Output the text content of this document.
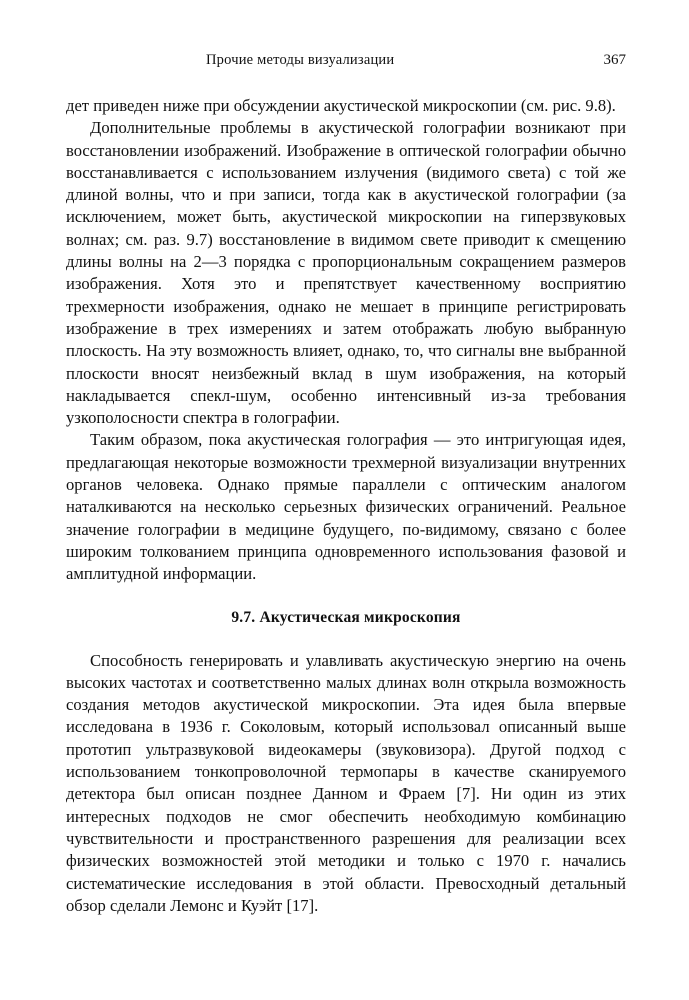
Прочие методы визуализации	367

дет приведен ниже при обсуждении акустической микроскопии (см. рис. 9.8).

Дополнительные проблемы в акустической голографии возникают при восстановлении изображений. Изображение в оптической голографии обычно восстанавливается с использованием излучения (видимого света) с той же длиной волны, что и при записи, тогда как в акустической голографии (за исключением, может быть, акустической микроскопии на гиперзвуковых волнах; см. раз. 9.7) восстановление в видимом свете приводит к смещению длины волны на 2—3 порядка с пропорциональным сокращением размеров изображения. Хотя это и препятствует качественному восприятию трехмерности изображения, однако не мешает в принципе регистрировать изображение в трех измерениях и затем отображать любую выбранную плоскость. На эту возможность влияет, однако, то, что сигналы вне выбранной плоскости вносят неизбежный вклад в шум изображения, на который накладывается спекл-шум, особенно интенсивный из-за требования узкополосности спектра в голографии.

Таким образом, пока акустическая голография — это интригующая идея, предлагающая некоторые возможности трехмерной визуализации внутренних органов человека. Однако прямые параллели с оптическим аналогом наталкиваются на несколько серьезных физических ограничений. Реальное значение голографии в медицине будущего, по-видимому, связано с более широким толкованием принципа одновременного использования фазовой и амплитудной информации.

9.7. Акустическая микроскопия

Способность генерировать и улавливать акустическую энергию на очень высоких частотах и соответственно малых длинах волн открыла возможность создания методов акустической микроскопии. Эта идея была впервые исследована в 1936 г. Соколовым, который использовал описанный выше прототип ультразвуковой видеокамеры (звуковизора). Другой подход с использованием тонкопроволочной термопары в качестве сканируемого детектора был описан позднее Данном и Фраем [7]. Ни один из этих интересных подходов не смог обеспечить необходимую комбинацию чувствительности и пространственного разрешения для реализации всех физических возможностей этой методики и только с 1970 г. начались систематические исследования в этой области. Превосходный детальный обзор сделали Лемонс и Куэйт [17].
